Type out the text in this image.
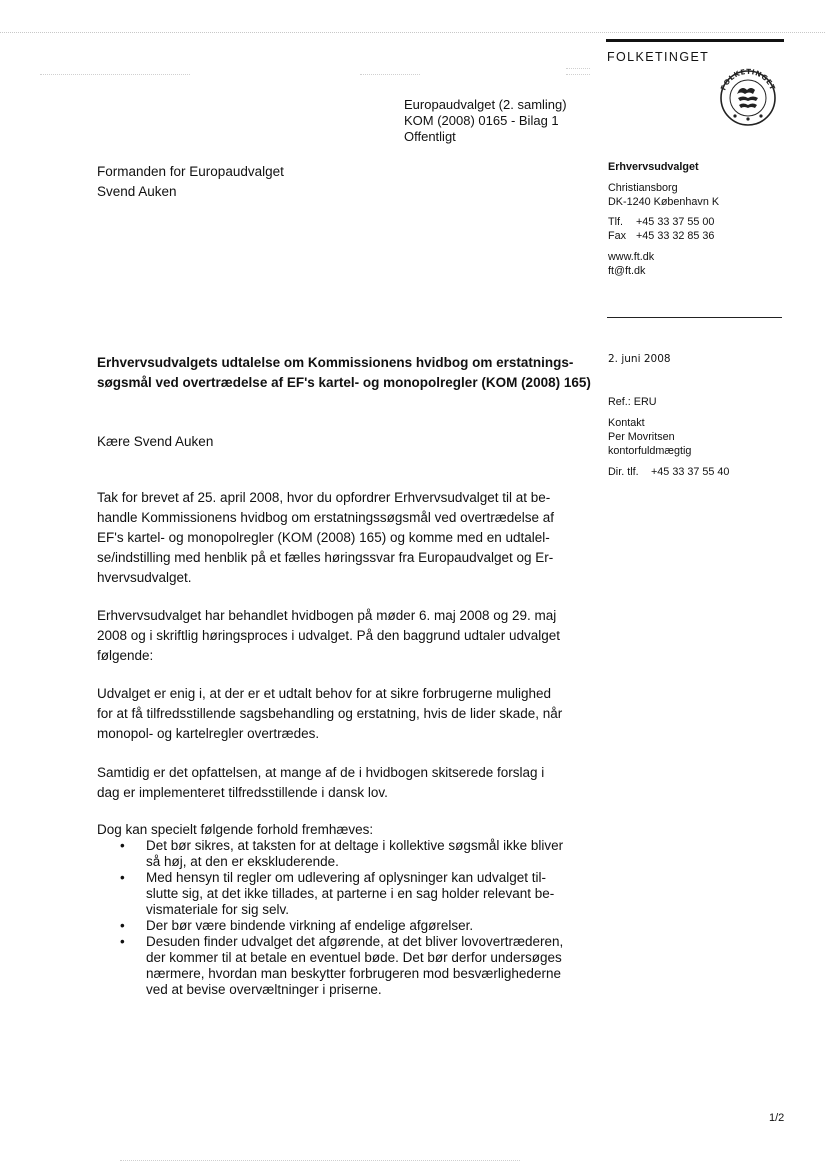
FOLKETINGET
FOLKETINGET
Europaudvalget (2. samling)
KOM (2008) 0165 - Bilag 1
Offentligt
Formanden for Europaudvalget
Svend Auken
Erhvervsudvalget
Christiansborg
DK-1240 København K
Tlf. +45 33 37 55 00
Fax +45 33 32 85 36
www.ft.dk
ft@ft.dk
2. juni 2008
Ref.: ERU
Kontakt
Per Movritsen
kontorfuldmægtig
Dir. tlf. +45 33 37 55 40
Erhvervsudvalgets udtalelse om Kommissionens hvidbog om erstatnings-
søgsmål ved overtrædelse af EF's kartel- og monopolregler (KOM (2008) 165)
Kære Svend Auken
Tak for brevet af 25. april 2008, hvor du opfordrer Erhvervsudvalget til at be-
handle Kommissionens hvidbog om erstatningssøgsmål ved overtrædelse af
EF's kartel- og monopolregler (KOM (2008) 165) og komme med en udtalel-
se/indstilling med henblik på et fælles høringssvar fra Europaudvalget og Er-
hvervsudvalget.
Erhvervsudvalget har behandlet hvidbogen på møder 6. maj 2008 og 29. maj
2008 og i skriftlig høringsproces i udvalget. På den baggrund udtaler udvalget
følgende:
Udvalget er enig i, at der er et udtalt behov for at sikre forbrugerne mulighed
for at få tilfredsstillende sagsbehandling og erstatning, hvis de lider skade, når
monopol- og kartelregler overtrædes.
Samtidig er det opfattelsen, at mange af de i hvidbogen skitserede forslag i
dag er implementeret tilfredsstillende i dansk lov.
Dog kan specielt følgende forhold fremhæves:
• Det bør sikres, at taksten for at deltage i kollektive søgsmål ikke bliver
så høj, at den er ekskluderende.
• Med hensyn til regler om udlevering af oplysninger kan udvalget til-
slutte sig, at det ikke tillades, at parterne i en sag holder relevant be-
vismateriale for sig selv.
• Der bør være bindende virkning af endelige afgørelser.
• Desuden finder udvalget det afgørende, at det bliver lovovertræderen,
der kommer til at betale en eventuel bøde. Det bør derfor undersøges
nærmere, hvordan man beskytter forbrugeren mod besværlighederne
ved at bevise overvæltninger i priserne.
1/2
